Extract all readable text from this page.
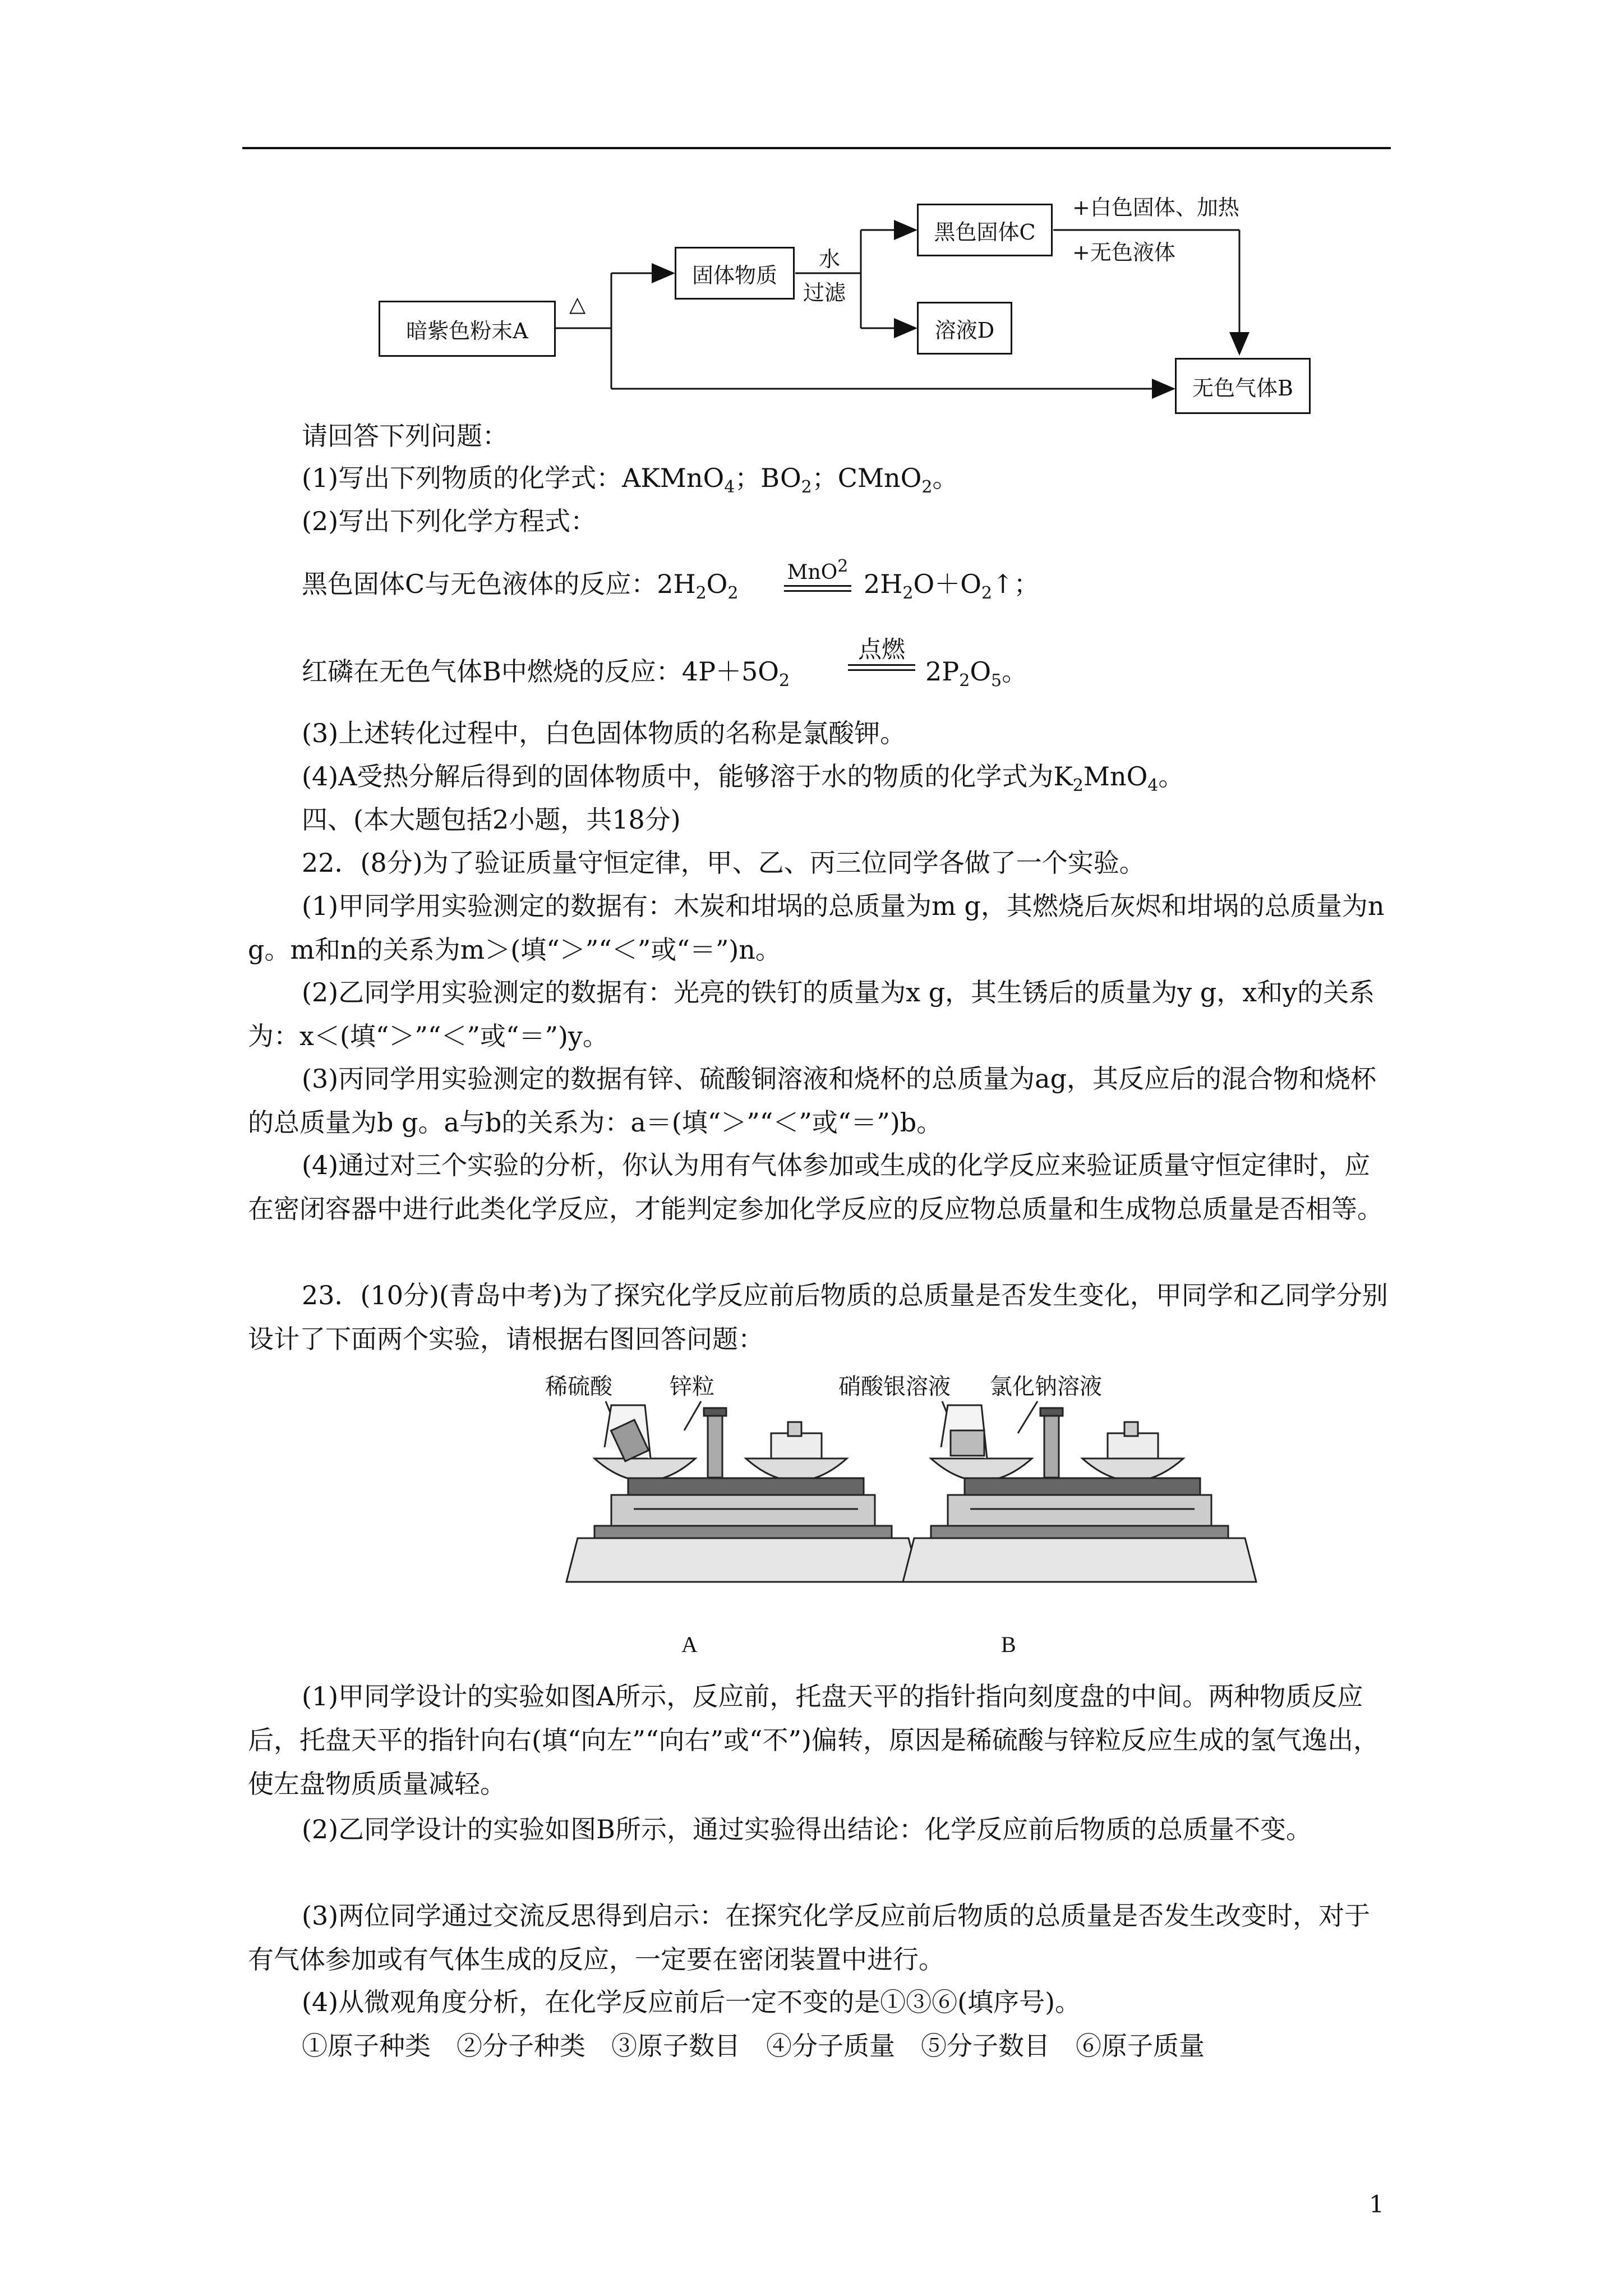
暗紫色粉末A
固体物质
黑色固体C
溶液D
无色气体B
△
水
过滤
+白色固体、加热
+无色液体
请回答下列问题：
(1)写出下列物质的化学式：AKMnO$_4$；$BO_2$；CMnO$_2$。
(2)写出下列化学方程式：
黑色固体C与无色液体的反应：$2H_2O_2$
MnO$^2$
$2H_2O+O_2↑$；
红磷在无色气体B中燃烧的反应：$4P+5O_2$
点燃
$2P_2O_5$。
(3)上述转化过程中，白色固体物质的名称是氯酸钾。
(4)A受热分解后得到的固体物质中，能够溶于水的物质的化学式为$K_2MnO_4$。
四、(本大题包括2小题，共18分)
22．(8分)为了验证质量守恒定律，甲、乙、丙三位同学各做了一个实验。
(1)甲同学用实验测定的数据有：木炭和坩埚的总质量为m g，其燃烧后灰烬和坩埚的总质量为n g。m和n的关系为m＞(填“＞”“＜”或“＝”)n。
(2)乙同学用实验测定的数据有：光亮的铁钉的质量为x g，其生锈后的质量为y g，x和y的关系为：x＜(填“＞”“＜”或“＝”)y。
(3)丙同学用实验测定的数据有锌、硫酸铜溶液和烧杯的总质量为ag，其反应后的混合物和烧杯的总质量为b g。a与b的关系为：a＝(填“＞”“＜”或“＝”)b。
(4)通过对三个实验的分析，你认为用有气体参加或生成的化学反应来验证质量守恒定律时，应在密闭容器中进行此类化学反应，才能判定参加化学反应的反应物总质量和生成物总质量是否相等。
23．(10分)(青岛中考)为了探究化学反应前后物质的总质量是否发生变化，甲同学和乙同学分别设计了下面两个实验，请根据右图回答问题：
稀硫酸	锌粒
A
硝酸银溶液 氯化钠溶液
B
(1)甲同学设计的实验如图A所示，反应前，托盘天平的指针指向刻度盘的中间。两种物质反应后，托盘天平的指针向右(填“向左”“向右”或“不”)偏转，原因是稀硫酸与锌粒反应生成的氢气逸出，使左盘物质质量减轻。
(2)乙同学设计的实验如图B所示，通过实验得出结论：化学反应前后物质的总质量不变。
(3)两位同学通过交流反思得到启示：在探究化学反应前后物质的总质量是否发生改变时，对于有气体参加或有气体生成的反应，一定要在密闭装置中进行。
(4)从微观角度分析，在化学反应前后一定不变的是①③⑥(填序号)。
①原子种类　②分子种类　③原子数目　④分子质量　⑤分子数目　⑥原子质量
1
